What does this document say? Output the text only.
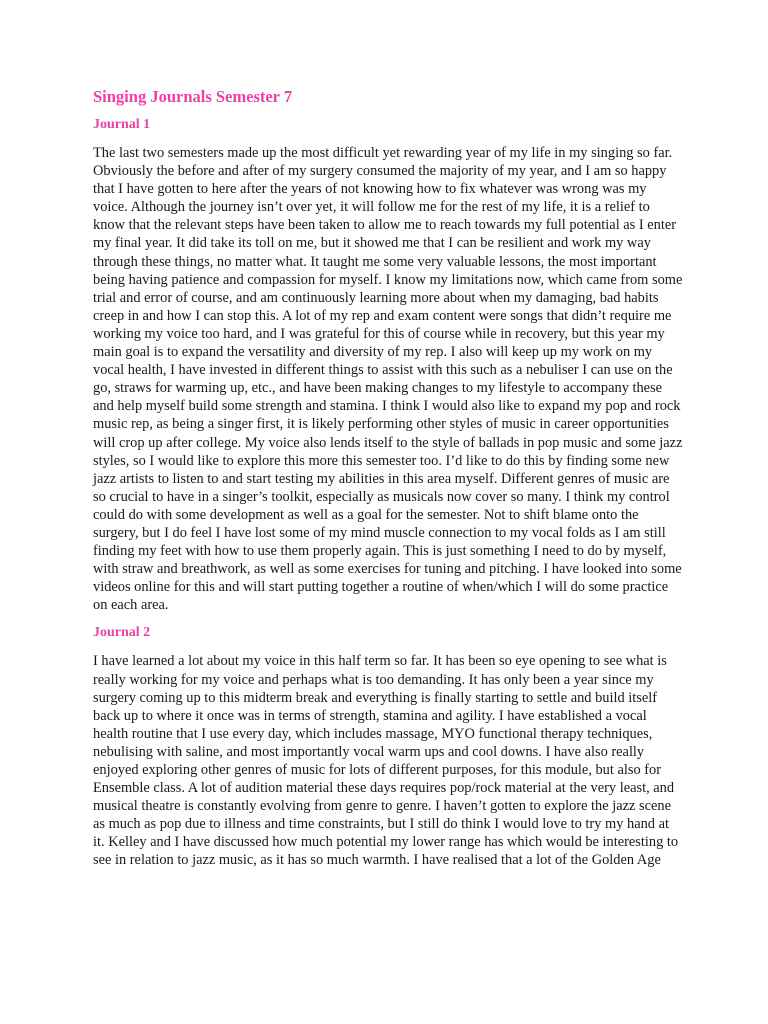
Singing Journals Semester 7
Journal 1

The last two semesters made up the most difficult yet rewarding year of my life in my singing so far. Obviously the before and after of my surgery consumed the majority of my year, and I am so happy that I have gotten to here after the years of not knowing how to fix whatever was wrong was my voice. Although the journey isn’t over yet, it will follow me for the rest of my life, it is a relief to know that the relevant steps have been taken to allow me to reach towards my full potential as I enter my final year. It did take its toll on me, but it showed me that I can be resilient and work my way through these things, no matter what. It taught me some very valuable lessons, the most important being having patience and compassion for myself. I know my limitations now, which came from some trial and error of course, and am continuously learning more about when my damaging, bad habits creep in and how I can stop this. A lot of my rep and exam content were songs that didn’t require me working my voice too hard, and I was grateful for this of course while in recovery, but this year my main goal is to expand the versatility and diversity of my rep. I also will keep up my work on my vocal health, I have invested in different things to assist with this such as a nebuliser I can use on the go, straws for warming up, etc., and have been making changes to my lifestyle to accompany these and help myself build some strength and stamina. I think I would also like to expand my pop and rock music rep, as being a singer first, it is likely performing other styles of music in career opportunities will crop up after college. My voice also lends itself to the style of ballads in pop music and some jazz styles, so I would like to explore this more this semester too. I’d like to do this by finding some new jazz artists to listen to and start testing my abilities in this area myself. Different genres of music are so crucial to have in a singer’s toolkit, especially as musicals now cover so many. I think my control could do with some development as well as a goal for the semester. Not to shift blame onto the surgery, but I do feel I have lost some of my mind muscle connection to my vocal folds as I am still finding my feet with how to use them properly again. This is just something I need to do by myself, with straw and breathwork, as well as some exercises for tuning and pitching. I have looked into some videos online for this and will start putting together a routine of when/which I will do some practice on each area.

Journal 2

I have learned a lot about my voice in this half term so far. It has been so eye opening to see what is really working for my voice and perhaps what is too demanding. It has only been a year since my surgery coming up to this midterm break and everything is finally starting to settle and build itself back up to where it once was in terms of strength, stamina and agility. I have established a vocal health routine that I use every day, which includes massage, MYO functional therapy techniques, nebulising with saline, and most importantly vocal warm ups and cool downs. I have also really enjoyed exploring other genres of music for lots of different purposes, for this module, but also for Ensemble class. A lot of audition material these days requires pop/rock material at the very least, and musical theatre is constantly evolving from genre to genre. I haven’t gotten to explore the jazz scene as much as pop due to illness and time constraints, but I still do think I would love to try my hand at it. Kelley and I have discussed how much potential my lower range has which would be interesting to see in relation to jazz music, as it has so much warmth. I have realised that a lot of the Golden Age
